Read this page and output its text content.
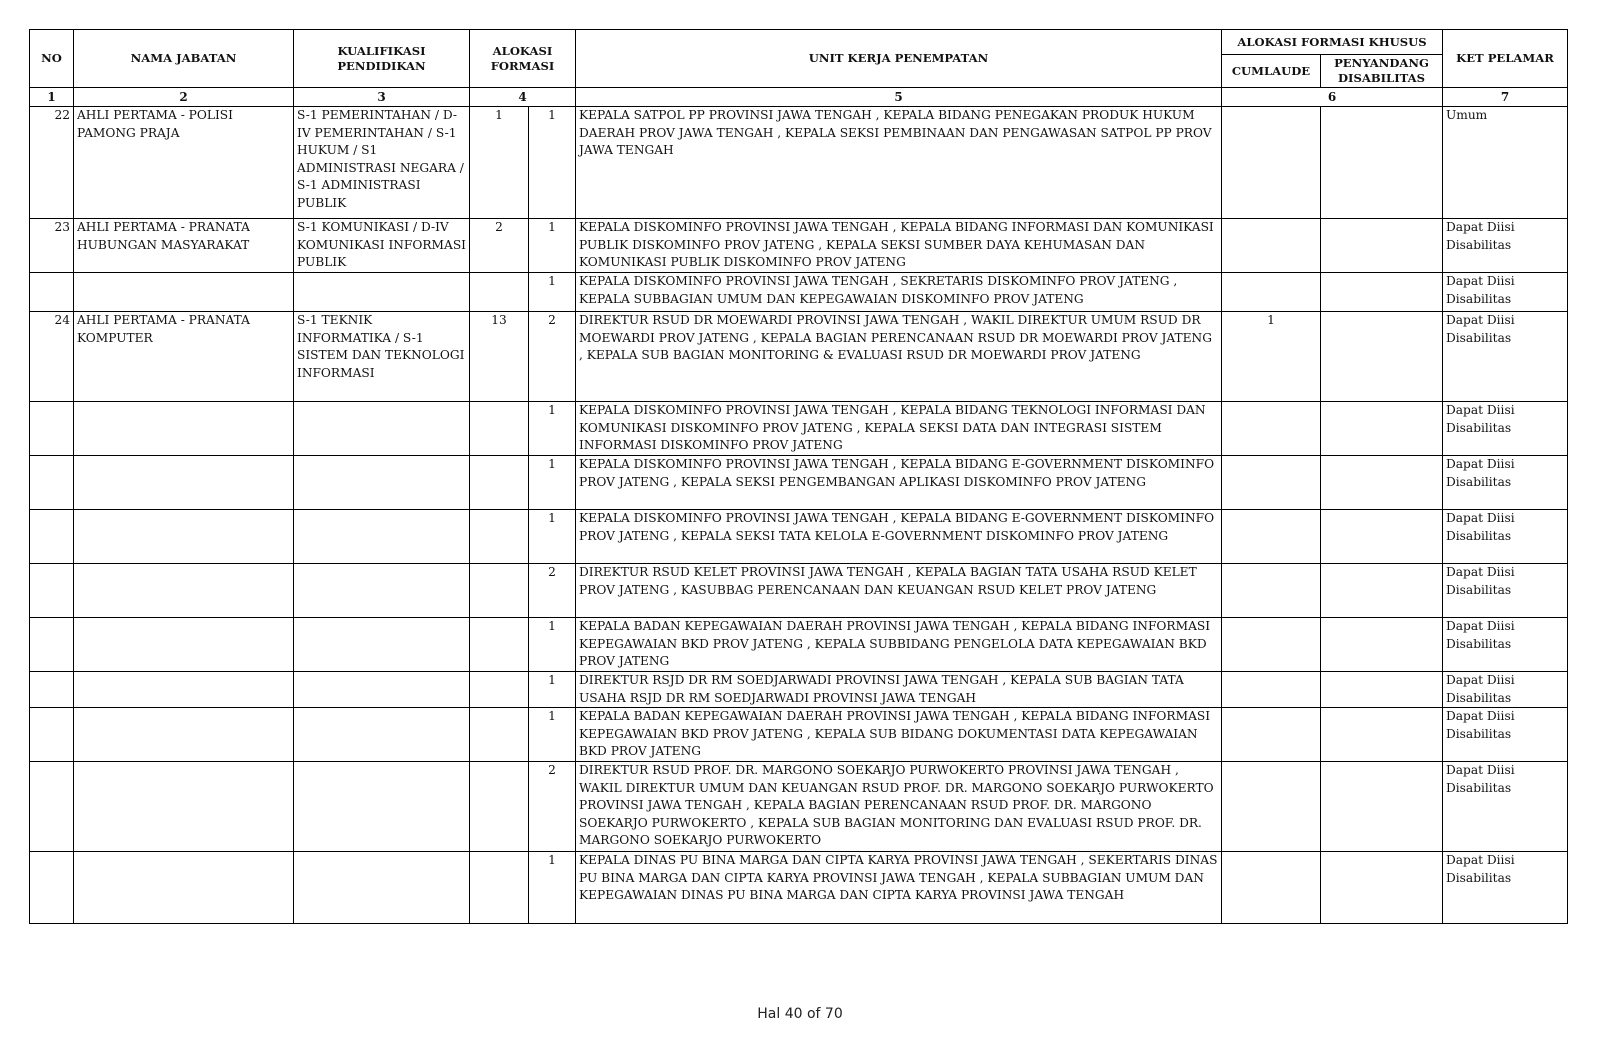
NO	NAMA JABATAN	KUALIFIKASI PENDIDIKAN	ALOKASI FORMASI		UNIT KERJA PENEMPATAN	ALOKASI FORMASI KHUSUS		KET PELAMAR
						CUMLAUDE	PENYANDANG DISABILITAS	
1	2	3	4		5	6		7
22	AHLI PERTAMA - POLISI PAMONG PRAJA	S-1 PEMERINTAHAN / D-IV PEMERINTAHAN / S-1 HUKUM / S1 ADMINISTRASI NEGARA / S-1 ADMINISTRASI PUBLIK	1	1	KEPALA SATPOL PP PROVINSI JAWA TENGAH , KEPALA BIDANG PENEGAKAN PRODUK HUKUM DAERAH PROV JAWA TENGAH , KEPALA SEKSI PEMBINAAN DAN PENGAWASAN SATPOL PP PROV JAWA TENGAH			Umum
23	AHLI PERTAMA - PRANATA HUBUNGAN MASYARAKAT	S-1 KOMUNIKASI / D-IV KOMUNIKASI INFORMASI PUBLIK	2	1	KEPALA DISKOMINFO PROVINSI JAWA TENGAH , KEPALA BIDANG INFORMASI DAN KOMUNIKASI PUBLIK DISKOMINFO PROV JATENG , KEPALA SEKSI SUMBER DAYA KEHUMASAN DAN KOMUNIKASI PUBLIK DISKOMINFO PROV JATENG			Dapat Diisi Disabilitas
				1	KEPALA DISKOMINFO PROVINSI JAWA TENGAH , SEKRETARIS DISKOMINFO PROV JATENG , KEPALA SUBBAGIAN UMUM DAN KEPEGAWAIAN DISKOMINFO PROV JATENG			Dapat Diisi Disabilitas
24	AHLI PERTAMA - PRANATA KOMPUTER	S-1 TEKNIK INFORMATIKA / S-1 SISTEM DAN TEKNOLOGI INFORMASI	13	2	DIREKTUR RSUD DR MOEWARDI PROVINSI JAWA TENGAH , WAKIL DIREKTUR UMUM RSUD DR MOEWARDI PROV JATENG , KEPALA BAGIAN PERENCANAAN RSUD DR MOEWARDI PROV JATENG , KEPALA SUB BAGIAN MONITORING & EVALUASI RSUD DR MOEWARDI PROV JATENG	1		Dapat Diisi Disabilitas
				1	KEPALA DISKOMINFO PROVINSI JAWA TENGAH , KEPALA BIDANG TEKNOLOGI INFORMASI DAN KOMUNIKASI DISKOMINFO PROV JATENG , KEPALA SEKSI DATA DAN INTEGRASI SISTEM INFORMASI DISKOMINFO PROV JATENG			Dapat Diisi Disabilitas
				1	KEPALA DISKOMINFO PROVINSI JAWA TENGAH , KEPALA BIDANG E-GOVERNMENT DISKOMINFO PROV JATENG , KEPALA SEKSI PENGEMBANGAN APLIKASI DISKOMINFO PROV JATENG			Dapat Diisi Disabilitas
				1	KEPALA DISKOMINFO PROVINSI JAWA TENGAH , KEPALA BIDANG E-GOVERNMENT DISKOMINFO PROV JATENG , KEPALA SEKSI TATA KELOLA E-GOVERNMENT DISKOMINFO PROV JATENG			Dapat Diisi Disabilitas
				2	DIREKTUR RSUD KELET PROVINSI JAWA TENGAH , KEPALA BAGIAN TATA USAHA RSUD KELET PROV JATENG , KASUBBAG PERENCANAAN DAN KEUANGAN RSUD KELET PROV JATENG			Dapat Diisi Disabilitas
				1	KEPALA BADAN KEPEGAWAIAN DAERAH PROVINSI JAWA TENGAH , KEPALA BIDANG INFORMASI KEPEGAWAIAN BKD PROV JATENG , KEPALA SUBBIDANG PENGELOLA DATA KEPEGAWAIAN BKD PROV JATENG			Dapat Diisi Disabilitas
				1	DIREKTUR RSJD DR RM SOEDJARWADI PROVINSI JAWA TENGAH , KEPALA SUB BAGIAN TATA USAHA RSJD DR RM SOEDJARWADI PROVINSI JAWA TENGAH			Dapat Diisi Disabilitas
				1	KEPALA BADAN KEPEGAWAIAN DAERAH PROVINSI JAWA TENGAH , KEPALA BIDANG INFORMASI KEPEGAWAIAN BKD PROV JATENG , KEPALA SUB BIDANG DOKUMENTASI DATA KEPEGAWAIAN BKD PROV JATENG			Dapat Diisi Disabilitas
				2	DIREKTUR RSUD PROF. DR. MARGONO SOEKARJO PURWOKERTO PROVINSI JAWA TENGAH , WAKIL DIREKTUR UMUM DAN KEUANGAN RSUD PROF. DR. MARGONO SOEKARJO PURWOKERTO PROVINSI JAWA TENGAH , KEPALA BAGIAN PERENCANAAN RSUD PROF. DR. MARGONO SOEKARJO PURWOKERTO , KEPALA SUB BAGIAN MONITORING DAN EVALUASI RSUD PROF. DR. MARGONO SOEKARJO PURWOKERTO			Dapat Diisi Disabilitas
				1	KEPALA DINAS PU BINA MARGA DAN CIPTA KARYA PROVINSI JAWA TENGAH , SEKERTARIS DINAS PU BINA MARGA DAN CIPTA KARYA PROVINSI JAWA TENGAH , KEPALA SUBBAGIAN UMUM DAN KEPEGAWAIAN DINAS PU BINA MARGA DAN CIPTA KARYA PROVINSI JAWA TENGAH			Dapat Diisi Disabilitas
Hal 40 of 70
